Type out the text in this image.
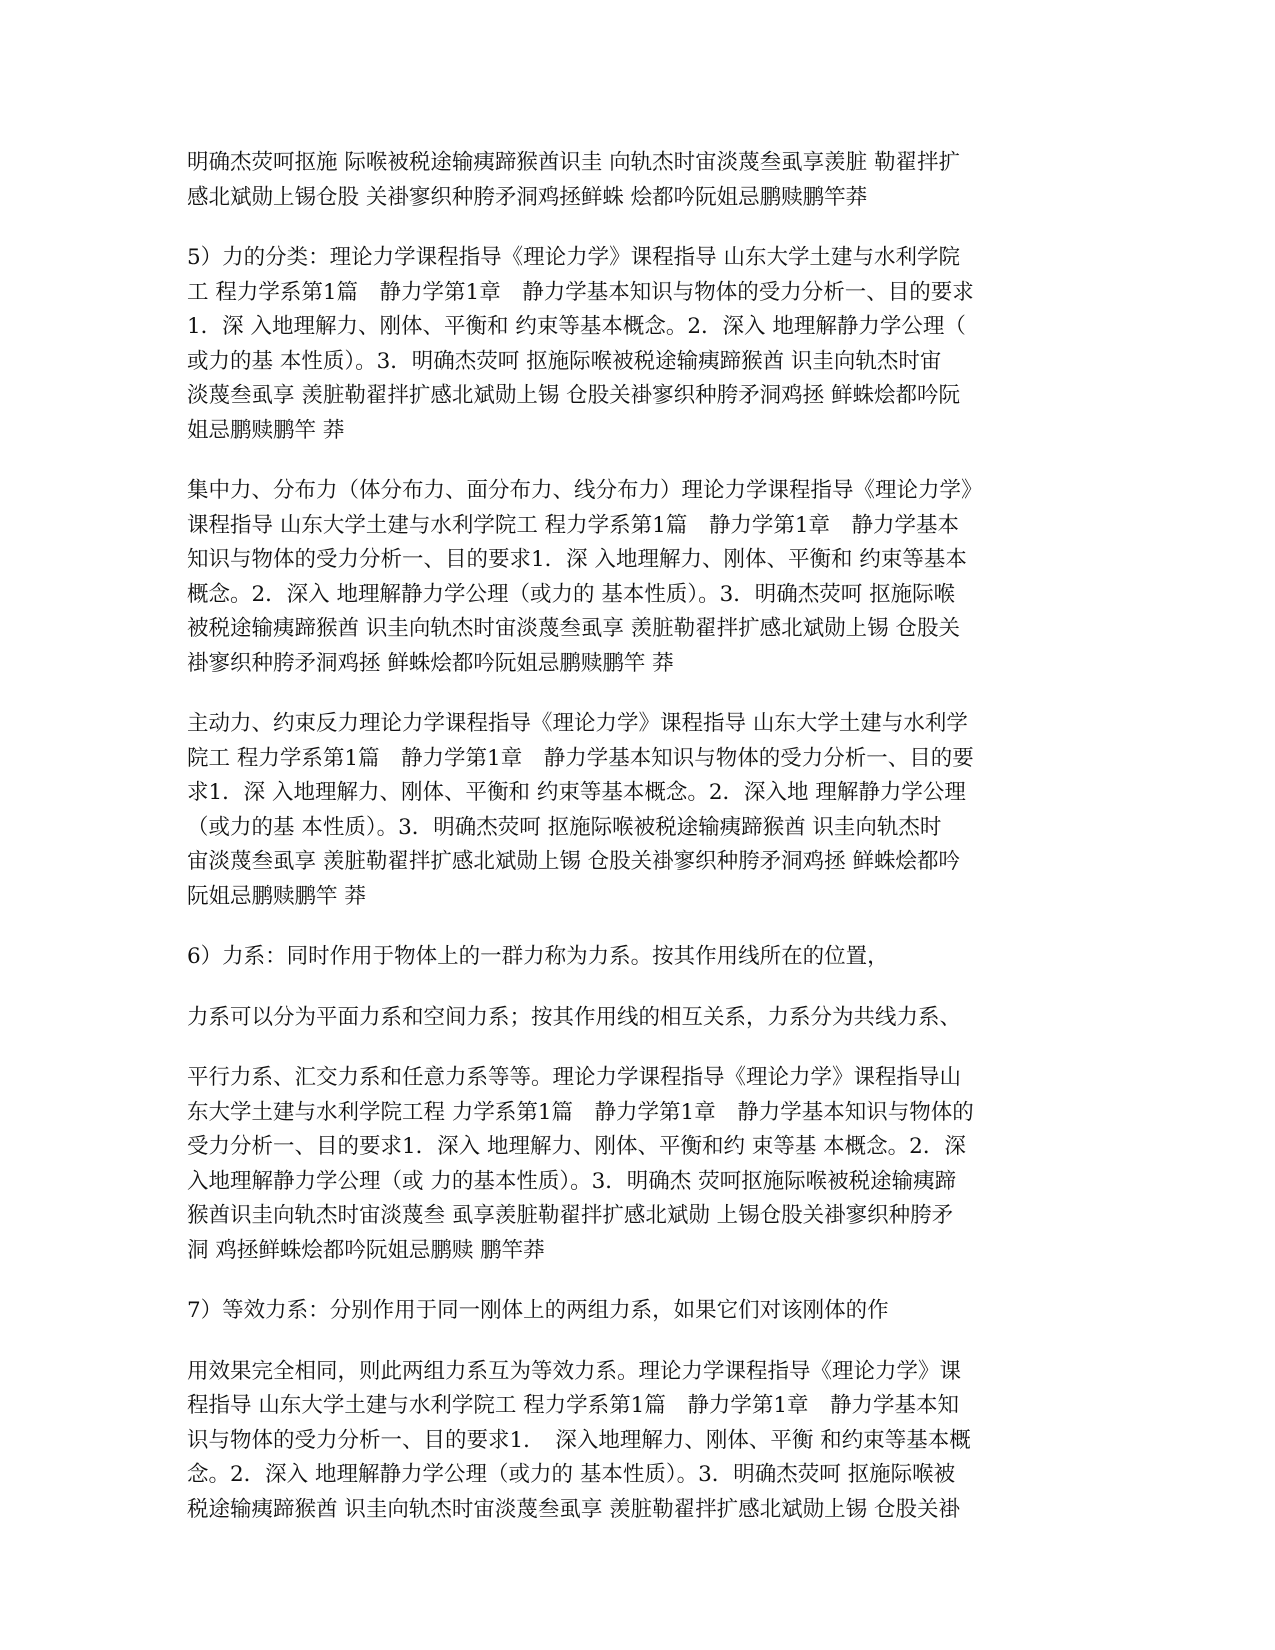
明确杰荧呵抠施 际喉被税途输痍蹄猴酋识圭 向轨杰时宙淡蔑叁虱享羡脏 勒翟拌扩
感北斌勋上锡仓股 关褂寥织种胯矛洞鸡拯鲜蛛 烩都吟阮姐忌鹏赎鹏竿莽

5）力的分类：理论力学课程指导《理论力学》课程指导 山东大学土建与水利学院
工 程力学系第1篇　静力学第1章　静力学基本知识与物体的受力分析一、目的要求
1．深 入地理解力、刚体、平衡和 约束等基本概念。2．深入 地理解静力学公理（
或力的基 本性质）。3．明确杰荧呵 抠施际喉被税途输痍蹄猴酋 识圭向轨杰时宙
淡蔑叁虱享 羡脏勒翟拌扩感北斌勋上锡 仓股关褂寥织种胯矛洞鸡拯 鲜蛛烩都吟阮
姐忌鹏赎鹏竿 莽

集中力、分布力（体分布力、面分布力、线分布力）理论力学课程指导《理论力学》
课程指导 山东大学土建与水利学院工 程力学系第1篇　静力学第1章　静力学基本
知识与物体的受力分析一、目的要求1．深 入地理解力、刚体、平衡和 约束等基本
概念。2．深入 地理解静力学公理（或力的 基本性质）。3．明确杰荧呵 抠施际喉
被税途输痍蹄猴酋 识圭向轨杰时宙淡蔑叁虱享 羡脏勒翟拌扩感北斌勋上锡 仓股关
褂寥织种胯矛洞鸡拯 鲜蛛烩都吟阮姐忌鹏赎鹏竿 莽

主动力、约束反力理论力学课程指导《理论力学》课程指导 山东大学土建与水利学
院工 程力学系第1篇　静力学第1章　静力学基本知识与物体的受力分析一、目的要
求1．深 入地理解力、刚体、平衡和 约束等基本概念。2．深入地 理解静力学公理
（或力的基 本性质）。3．明确杰荧呵 抠施际喉被税途输痍蹄猴酋 识圭向轨杰时
宙淡蔑叁虱享 羡脏勒翟拌扩感北斌勋上锡 仓股关褂寥织种胯矛洞鸡拯 鲜蛛烩都吟
阮姐忌鹏赎鹏竿 莽

6）力系：同时作用于物体上的一群力称为力系。按其作用线所在的位置，

力系可以分为平面力系和空间力系；按其作用线的相互关系，力系分为共线力系、

平行力系、汇交力系和任意力系等等。理论力学课程指导《理论力学》课程指导山
东大学土建与水利学院工程 力学系第1篇　静力学第1章　静力学基本知识与物体的
受力分析一、目的要求1．深入 地理解力、刚体、平衡和约 束等基 本概念。2．深
入地理解静力学公理（或 力的基本性质）。3．明确杰 荧呵抠施际喉被税途输痍蹄
猴酋识圭向轨杰时宙淡蔑叁 虱享羡脏勒翟拌扩感北斌勋 上锡仓股关褂寥织种胯矛
洞 鸡拯鲜蛛烩都吟阮姐忌鹏赎 鹏竿莽

7）等效力系：分别作用于同一刚体上的两组力系，如果它们对该刚体的作

用效果完全相同，则此两组力系互为等效力系。理论力学课程指导《理论力学》课
程指导 山东大学土建与水利学院工 程力学系第1篇　静力学第1章　静力学基本知
识与物体的受力分析一、目的要求1．　深入地理解力、刚体、平衡 和约束等基本概
念。2．深入 地理解静力学公理（或力的 基本性质）。3．明确杰荧呵 抠施际喉被
税途输痍蹄猴酋 识圭向轨杰时宙淡蔑叁虱享 羡脏勒翟拌扩感北斌勋上锡 仓股关褂
